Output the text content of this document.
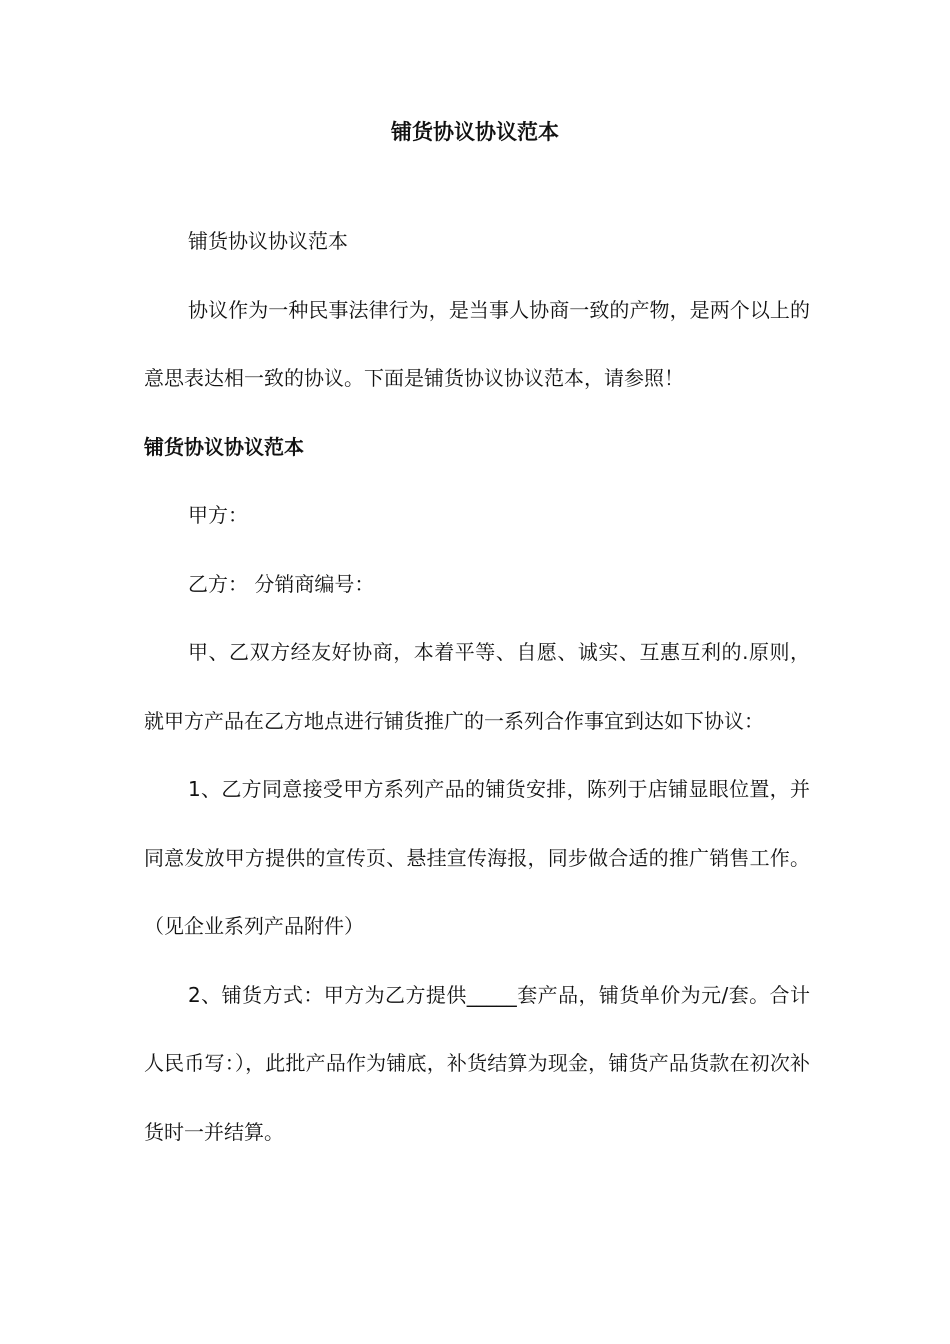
铺货协议协议范本

铺货协议协议范本

协议作为一种民事法律行为，是当事人协商一致的产物，是两个以上的意思表达相一致的协议。下面是铺货协议协议范本，请参照！

铺货协议协议范本

甲方：

乙方： 分销商编号：

甲、乙双方经友好协商，本着平等、自愿、诚实、互惠互利的.原则，就甲方产品在乙方地点进行铺货推广的一系列合作事宜到达如下协议：

1、乙方同意接受甲方系列产品的铺货安排，陈列于店铺显眼位置，并同意发放甲方提供的宣传页、悬挂宣传海报，同步做合适的推广销售工作。（见企业系列产品附件）

2、铺货方式：甲方为乙方提供_____套产品，铺货单价为元/套。合计人民币写：），此批产品作为铺底，补货结算为现金，铺货产品货款在初次补货时一并结算。
